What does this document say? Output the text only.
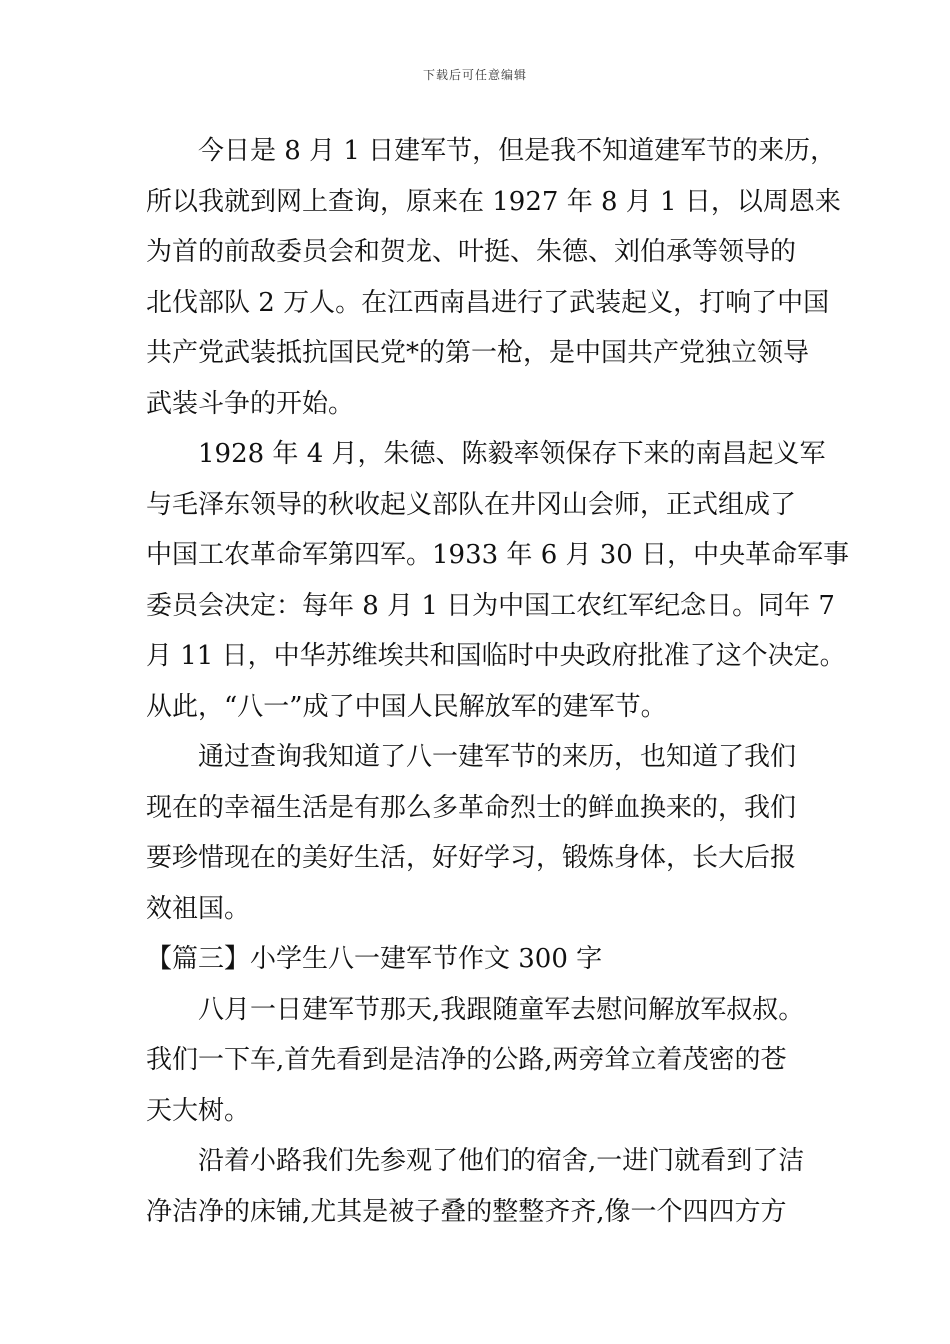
下载后可任意编辑
今日是 8 月 1 日建军节，但是我不知道建军节的来历，
所以我就到网上查询，原来在 1927 年 8 月 1 日，以周恩来
为首的前敌委员会和贺龙、叶挺、朱德、刘伯承等领导的
北伐部队 2 万人。在江西南昌进行了武装起义，打响了中国
共产党武装抵抗国民党*的第一枪，是中国共产党独立领导
武装斗争的开始。
1928 年 4 月，朱德、陈毅率领保存下来的南昌起义军
与毛泽东领导的秋收起义部队在井冈山会师，正式组成了
中国工农革命军第四军。1933 年 6 月 30 日，中央革命军事
委员会决定：每年 8 月 1 日为中国工农红军纪念日。同年 7
月 11 日，中华苏维埃共和国临时中央政府批准了这个决定。
从此，“八一”成了中国人民解放军的建军节。
通过查询我知道了八一建军节的来历，也知道了我们
现在的幸福生活是有那么多革命烈士的鲜血换来的，我们
要珍惜现在的美好生活，好好学习，锻炼身体，长大后报
效祖国。
【篇三】小学生八一建军节作文 300 字
八月一日建军节那天,我跟随童军去慰问解放军叔叔。
我们一下车,首先看到是洁净的公路,两旁耸立着茂密的苍
天大树。
沿着小路我们先参观了他们的宿舍,一进门就看到了洁
净洁净的床铺,尤其是被子叠的整整齐齐,像一个四四方方
